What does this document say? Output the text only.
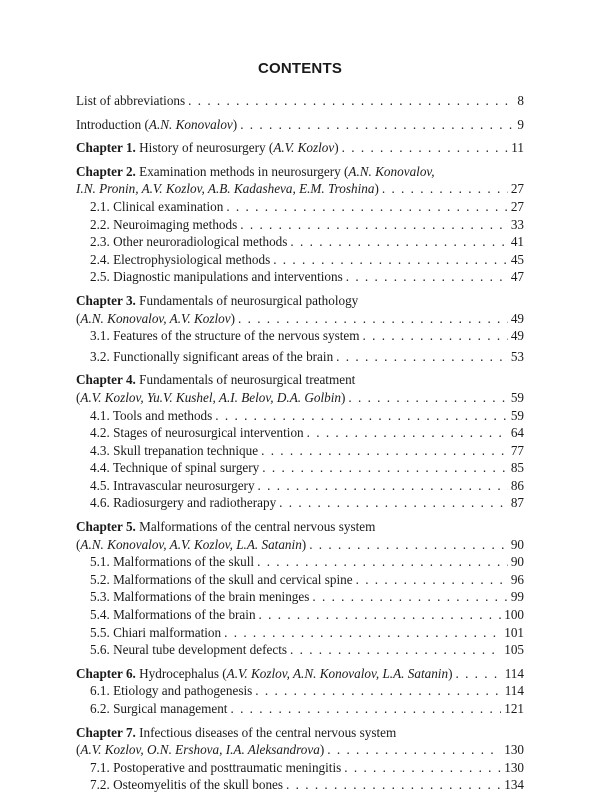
CONTENTS
List of abbreviations . . .	8
Introduction (A.N. Konovalov) . . .	9
Chapter 1. History of neurosurgery (A.V. Kozlov) . . .	11
Chapter 2. Examination methods in neurosurgery (A.N. Konovalov,
I.N. Pronin, A.V. Kozlov, A.B. Kadasheva, E.M. Troshina) . . .	27
2.1. Clinical examination . . .	27
2.2. Neuroimaging methods . . .	33
2.3. Other neuroradiological methods . . .	41
2.4. Electrophysiological methods . . .	45
2.5. Diagnostic manipulations and interventions . . .	47
Chapter 3. Fundamentals of neurosurgical pathology
(A.N. Konovalov, A.V. Kozlov) . . .	49
3.1. Features of the structure of the nervous system . . .	49
3.2. Functionally significant areas of the brain . . .	53
Chapter 4. Fundamentals of neurosurgical treatment
(A.V. Kozlov, Yu.V. Kushel, A.I. Belov, D.A. Golbin) . . .	59
4.1. Tools and methods . . .	59
4.2. Stages of neurosurgical intervention . . .	64
4.3. Skull trepanation technique . . .	77
4.4. Technique of spinal surgery . . .	85
4.5. Intravascular neurosurgery . . .	86
4.6. Radiosurgery and radiotherapy . . .	87
Chapter 5. Malformations of the central nervous system
(A.N. Konovalov, A.V. Kozlov, L.A. Satanin) . . .	90
5.1. Malformations of the skull . . .	90
5.2. Malformations of the skull and cervical spine . . .	96
5.3. Malformations of the brain meninges . . .	99
5.4. Malformations of the brain . . .	100
5.5. Chiari malformation . . .	101
5.6. Neural tube development defects . . .	105
Chapter 6. Hydrocephalus (A.V. Kozlov, A.N. Konovalov, L.A. Satanin) . . .	114
6.1. Etiology and pathogenesis . . .	114
6.2. Surgical management . . .	121
Chapter 7. Infectious diseases of the central nervous system
(A.V. Kozlov, O.N. Ershova, I.A. Aleksandrova) . . .	130
7.1. Postoperative and posttraumatic meningitis . . .	130
7.2. Osteomyelitis of the skull bones . . .	134
